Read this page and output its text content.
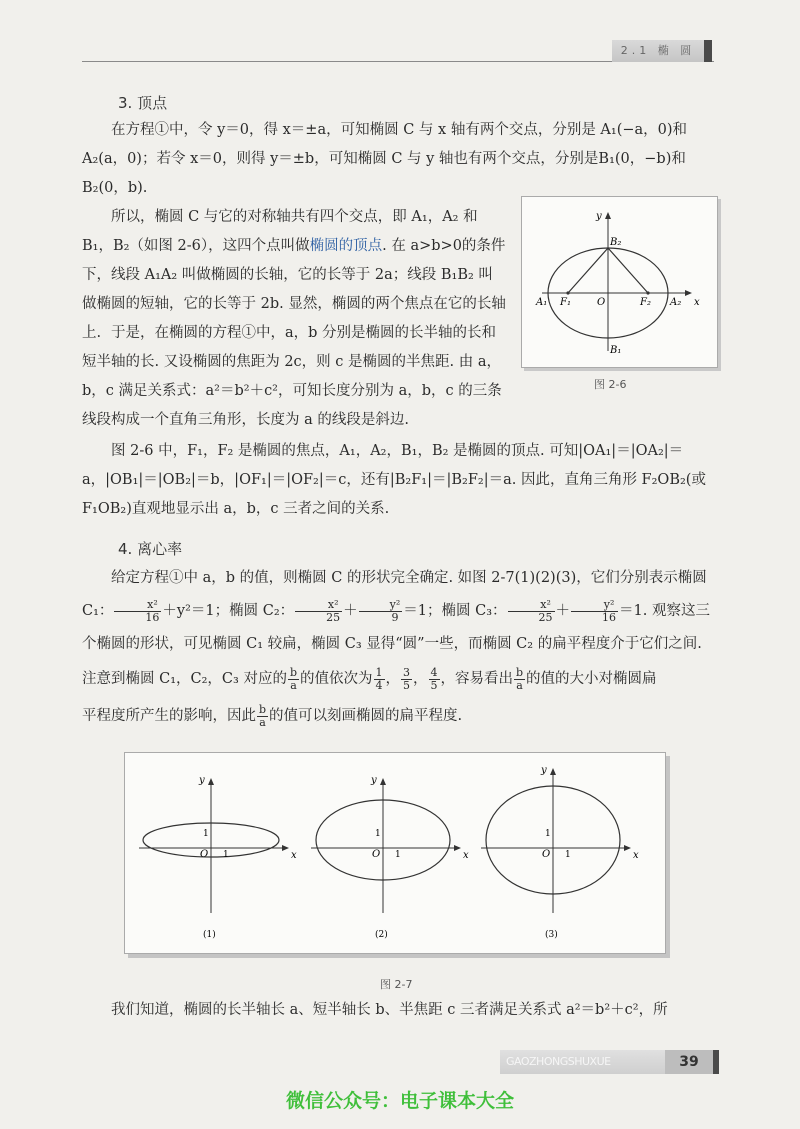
2.1 椭 圆
3. 顶点

在方程①中，令 y＝0，得 x＝±a，可知椭圆 C 与 x 轴有两个交点，分别是 A₁(−a，0)和 A₂(a，0)；若令 x＝0，则得 y＝±b，可知椭圆 C 与 y 轴也有两个交点，分别是B₁(0，−b)和 B₂(0，b).

所以，椭圆 C 与它的对称轴共有四个交点，即 A₁，A₂ 和 B₁，B₂（如图 2-6），这四个点叫做椭圆的顶点. 在 a>b>0的条件下，线段 A₁A₂ 叫做椭圆的长轴，它的长等于 2a；线段 B₁B₂ 叫做椭圆的短轴，它的长等于 2b. 显然，椭圆的两个焦点在它的长轴上. 于是，在椭圆的方程①中，a，b 分别是椭圆的长半轴的长和短半轴的长. 又设椭圆的焦距为 2c，则 c 是椭圆的半焦距. 由 a，b，c 满足关系式：a²＝b²＋c²，可知长度分别为 a，b，c 的三条线段构成一个直角三角形，长度为 a 的线段是斜边.

图 2-6 中，F₁，F₂ 是椭圆的焦点，A₁，A₂，B₁，B₂ 是椭圆的顶点. 可知|OA₁|＝|OA₂|＝a，|OB₁|＝|OB₂|＝b，|OF₁|＝|OF₂|＝c，还有|B₂F₁|＝|B₂F₂|＝a. 因此，直角三角形 F₂OB₂(或 F₁OB₂)直观地显示出 a，b，c 三者之间的关系.

y
x
O
B₂
B₁
A₁	A₂
F₁	F₂
图 2-6
4. 离心率

给定方程①中 a，b 的值，则椭圆 C 的形状完全确定. 如图 2-7(1)(2)(3)，它们分别表示椭圆 C₁： $\frac{\text{x²}}{16} +y^2=1$；椭圆 C₂： $\frac{\text{x²}}{25} + \frac{\text{y²}}{9} =1$；椭圆 C₃： $\frac{\text{x²}}{25} + \frac{\text{y²}}{16} =1$. 观察这三个椭圆的形状，可见椭圆 C₁ 较扁，椭圆 C₃ 显得“圆”一些，而椭圆 C₂ 的扁平程度介于它们之间.

注意到椭圆 C₁，C₂，C₃ 对应的 $\frac{b}{a}$ 的值依次为 $\frac{1}{4}$ ， $\frac{3}{5}$ ， $\frac{4}{5}$ ，容易看出 $\frac{b}{a}$ 的值的大小对椭圆扁

平程度所产生的影响，因此 $\frac{b}{a}$ 的值可以刻画椭圆的扁平程度.

y
x
O 1
1
(1)
y
x
O 1
1
(2)
y
x
O 1
1
(3)
图 2-7

我们知道，椭圆的长半轴长 a、短半轴长 b、半焦距 c 三者满足关系式 a²＝b²＋c²，所

GAOZHONGSHUXUE	39
微信公众号：电子课本大全
